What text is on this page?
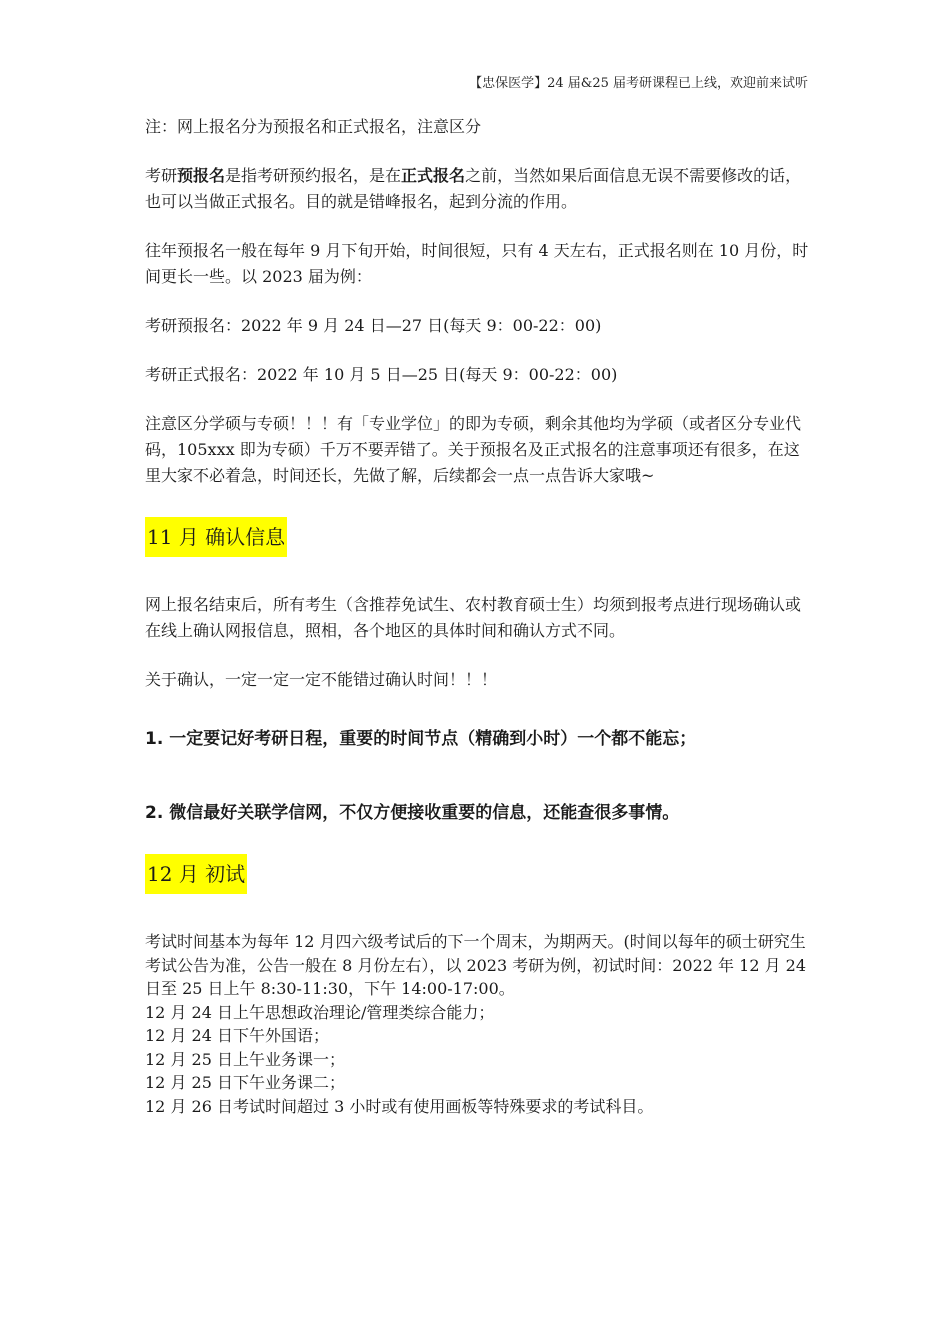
【忠保医学】24 届&25 届考研课程已上线，欢迎前来试听

注：网上报名分为预报名和正式报名，注意区分

考研预报名是指考研预约报名，是在正式报名之前，当然如果后面信息无误不需要修改的话，也可以当做正式报名。目的就是错峰报名，起到分流的作用。

往年预报名一般在每年 9 月下旬开始，时间很短，只有 4 天左右，正式报名则在 10 月份，时间更长一些。以 2023 届为例：

考研预报名：2022 年 9 月 24 日—27 日(每天 9：00-22：00)

考研正式报名：2022 年 10 月 5 日—25 日(每天 9：00-22：00)

注意区分学硕与专硕！！！有「专业学位」的即为专硕，剩余其他均为学硕（或者区分专业代码，105xxx 即为专硕）千万不要弄错了。关于预报名及正式报名的注意事项还有很多，在这里大家不必着急，时间还长，先做了解，后续都会一点一点告诉大家哦~

11 月 确认信息

网上报名结束后，所有考生（含推荐免试生、农村教育硕士生）均须到报考点进行现场确认或在线上确认网报信息，照相，各个地区的具体时间和确认方式不同。

关于确认，一定一定一定不能错过确认时间！！！

1. 一定要记好考研日程，重要的时间节点（精确到小时）一个都不能忘；

2. 微信最好关联学信网，不仅方便接收重要的信息，还能查很多事情。

12 月 初试

考试时间基本为每年 12 月四六级考试后的下一个周末，为期两天。(时间以每年的硕士研究生考试公告为准，公告一般在 8 月份左右），以 2023 考研为例，初试时间：2022 年 12 月 24 日至 25 日上午 8:30-11:30，下午 14:00-17:00。

12 月 24 日上午思想政治理论/管理类综合能力；

12 月 24 日下午外国语；

12 月 25 日上午业务课一；

12 月 25 日下午业务课二；

12 月 26 日考试时间超过 3 小时或有使用画板等特殊要求的考试科目。
